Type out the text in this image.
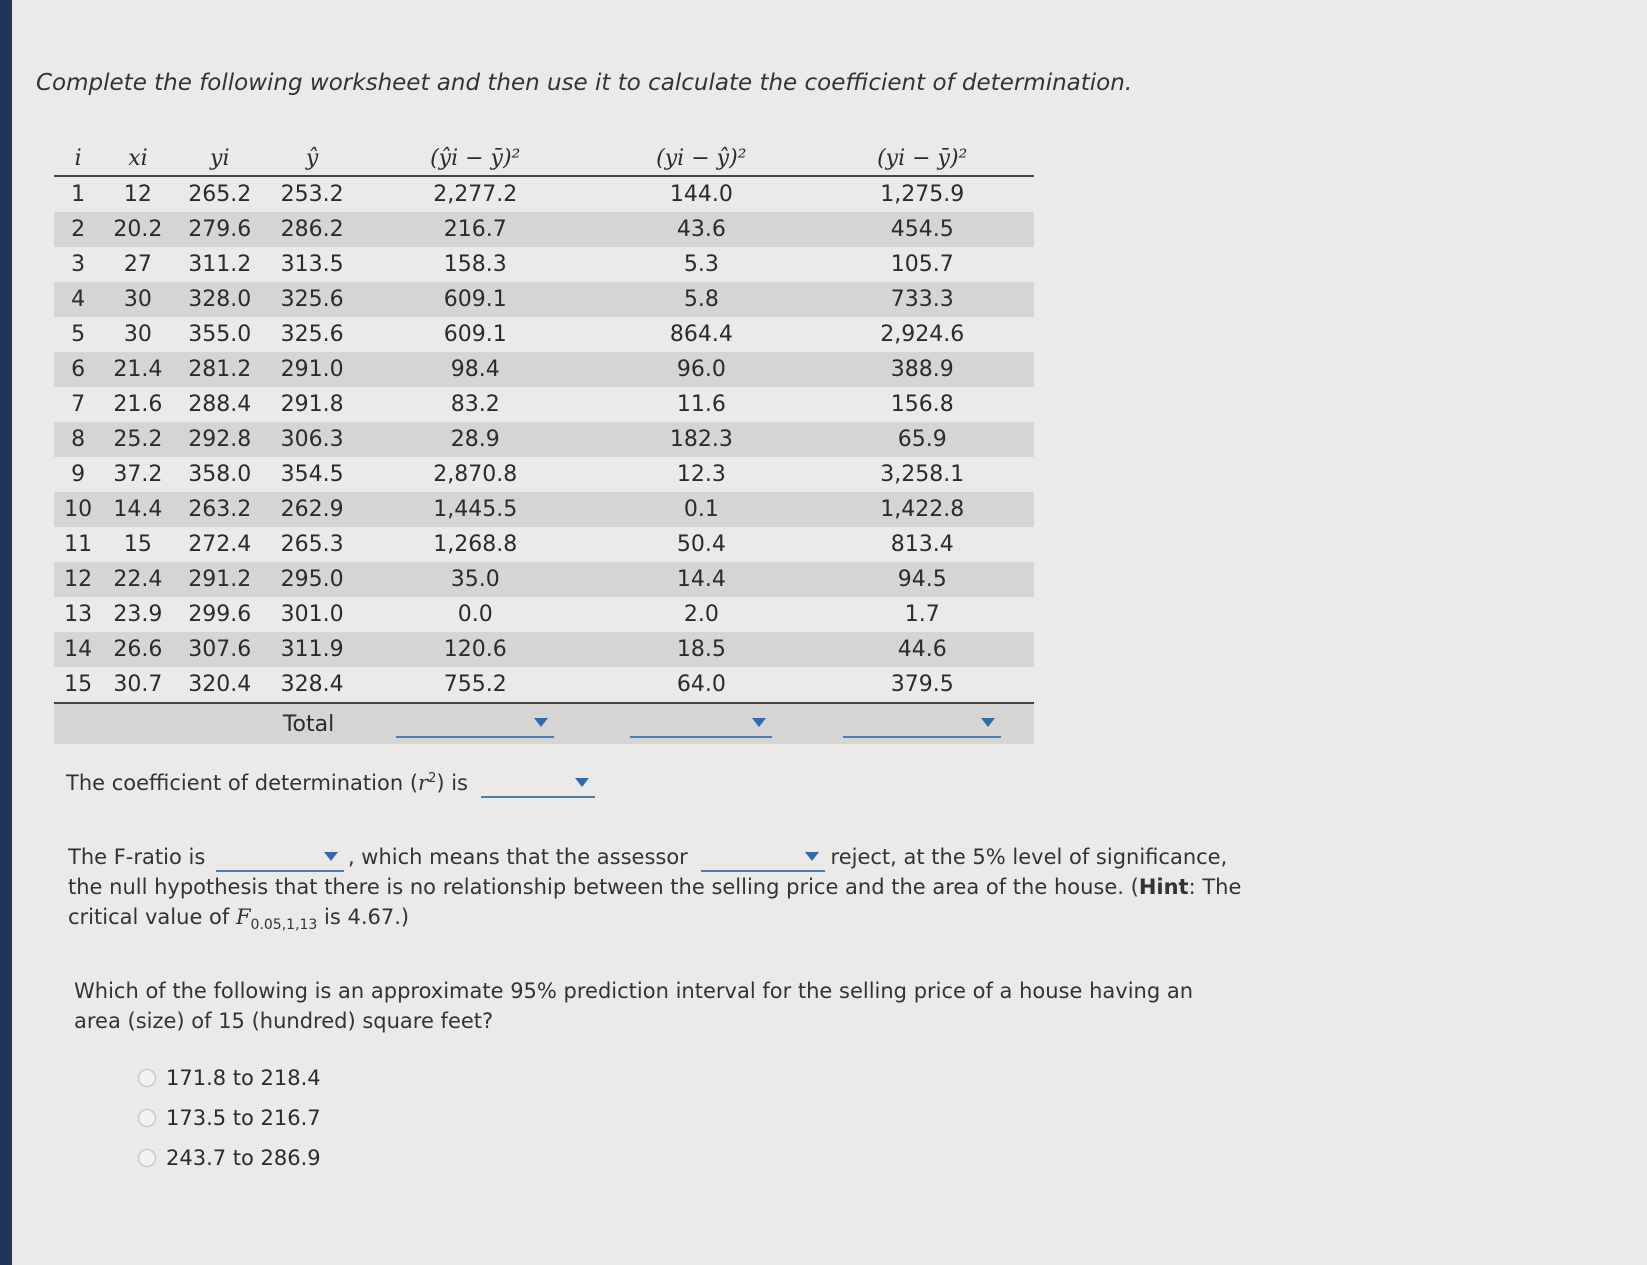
Complete the following worksheet and then use it to calculate the coefficient of determination.
i	xi	yi	ŷ	(ŷi − ȳ)²	(yi − ŷ)²	(yi − ȳ)²
1	12	265.2	253.2	2,277.2	144.0	1,275.9
2	20.2	279.6	286.2	216.7	43.6	454.5
3	27	311.2	313.5	158.3	5.3	105.7
4	30	328.0	325.6	609.1	5.8	733.3
5	30	355.0	325.6	609.1	864.4	2,924.6
6	21.4	281.2	291.0	98.4	96.0	388.9
7	21.6	288.4	291.8	83.2	11.6	156.8
8	25.2	292.8	306.3	28.9	182.3	65.9
9	37.2	358.0	354.5	2,870.8	12.3	3,258.1
10	14.4	263.2	262.9	1,445.5	0.1	1,422.8
11	15	272.4	265.3	1,268.8	50.4	813.4
12	22.4	291.2	295.0	35.0	14.4	94.5
13	23.9	299.6	301.0	0.0	2.0	1.7
14	26.6	307.6	311.9	120.6	18.5	44.6
15	30.7	320.4	328.4	755.2	64.0	379.5
Total				

The coefficient of determination $(r^2)$ is
The F-ratio is	, which means that the assessor	reject, at the 5% level of significance, the null hypothesis that there is no relationship between the selling price and the area of the house. (Hint: The critical value of $F_{0.05,1,13}$ is 4.67.)
Which of the following is an approximate 95% prediction interval for the selling price of a house having an area (size) of 15 (hundred) square feet?
171.8 to 218.4
173.5 to 216.7
243.7 to 286.9
